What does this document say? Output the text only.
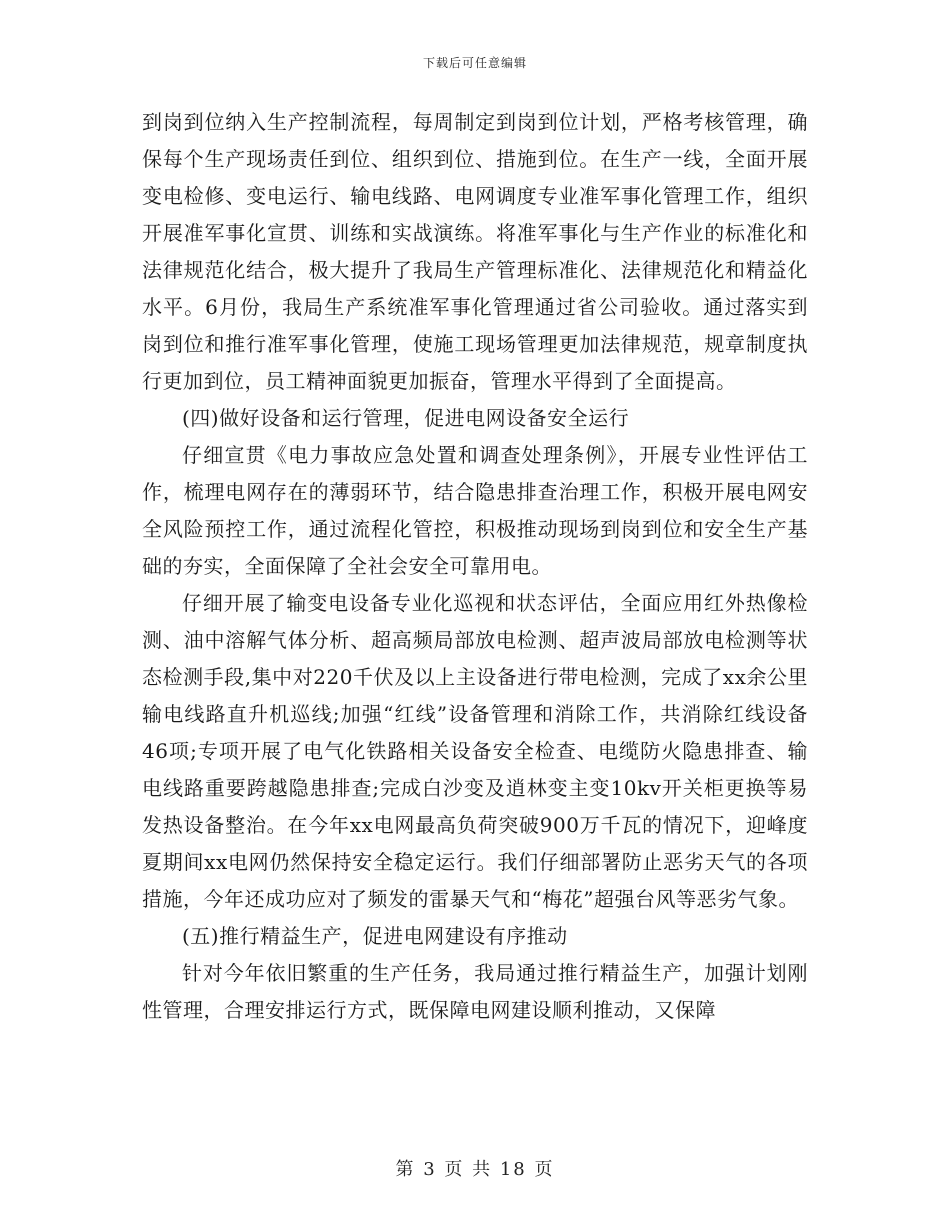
下载后可任意编辑

到岗到位纳入生产控制流程，每周制定到岗到位计划，严格考核管理，确保每个生产现场责任到位、组织到位、措施到位。在生产一线，全面开展变电检修、变电运行、输电线路、电网调度专业准军事化管理工作，组织开展准军事化宣贯、训练和实战演练。将准军事化与生产作业的标准化和法律规范化结合，极大提升了我局生产管理标准化、法律规范化和精益化水平。6月份，我局生产系统准军事化管理通过省公司验收。通过落实到岗到位和推行准军事化管理，使施工现场管理更加法律规范，规章制度执行更加到位，员工精神面貌更加振奋，管理水平得到了全面提高。

(四)做好设备和运行管理，促进电网设备安全运行

仔细宣贯《电力事故应急处置和调查处理条例》，开展专业性评估工作，梳理电网存在的薄弱环节，结合隐患排查治理工作，积极开展电网安全风险预控工作，通过流程化管控，积极推动现场到岗到位和安全生产基础的夯实，全面保障了全社会安全可靠用电。

仔细开展了输变电设备专业化巡视和状态评估，全面应用红外热像检测、油中溶解气体分析、超高频局部放电检测、超声波局部放电检测等状态检测手段,集中对220千伏及以上主设备进行带电检测，完成了xx余公里输电线路直升机巡线;加强“红线”设备管理和消除工作，共消除红线设备46项;专项开展了电气化铁路相关设备安全检查、电缆防火隐患排查、输电线路重要跨越隐患排查;完成白沙变及逍林变主变10kv开关柜更换等易发热设备整治。在今年xx电网最高负荷突破900万千瓦的情况下，迎峰度夏期间xx电网仍然保持安全稳定运行。我们仔细部署防止恶劣天气的各项措施，今年还成功应对了频发的雷暴天气和“梅花”超强台风等恶劣气象。

(五)推行精益生产，促进电网建设有序推动

针对今年依旧繁重的生产任务，我局通过推行精益生产，加强计划刚性管理，合理安排运行方式，既保障电网建设顺利推动，又保障

第 3 页 共 18 页
